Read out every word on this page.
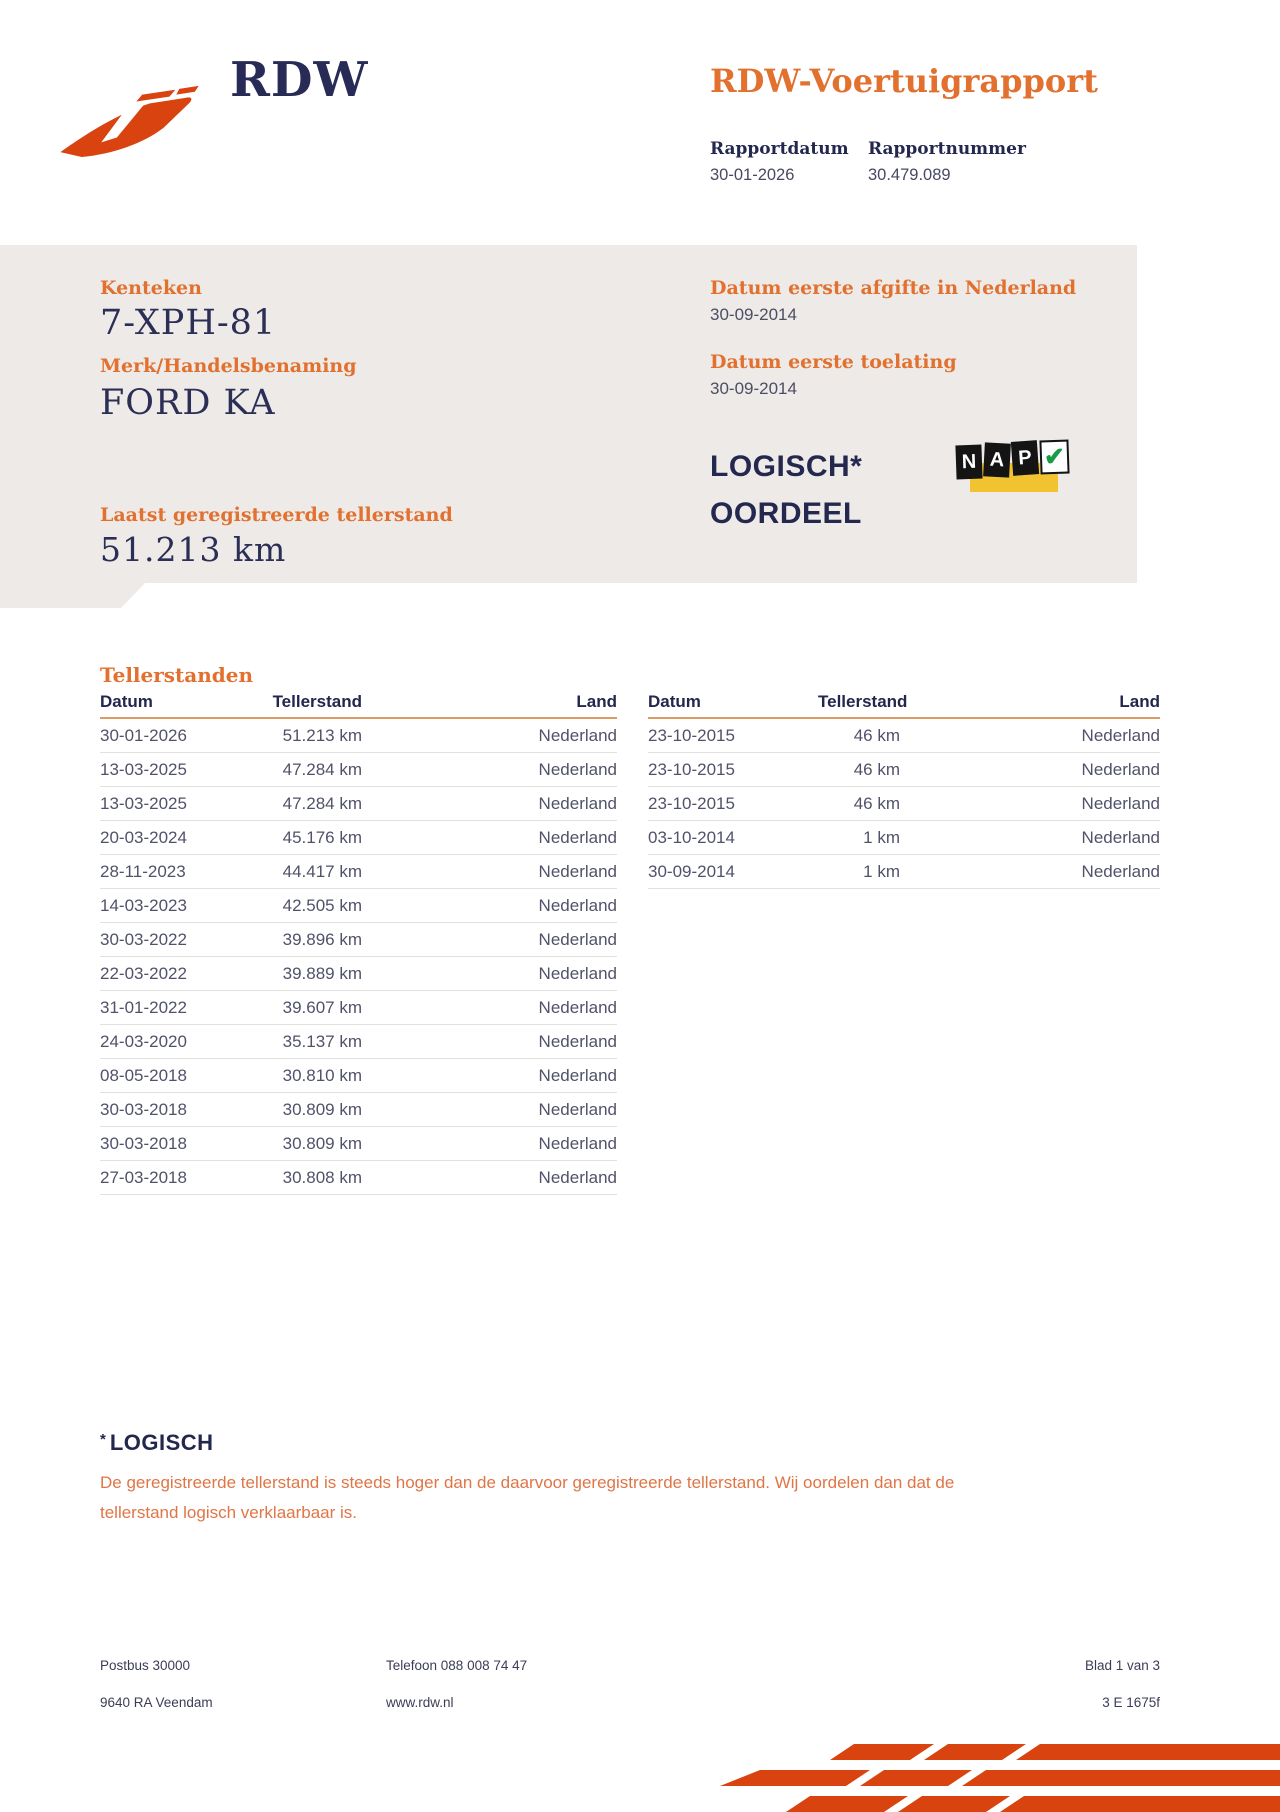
RDW	RDW-Voertuigrapport
Rapportdatum Rapportnummer
30-01-2026	30.479.089
Kenteken
7-XPH-81
Merk/Handelsbenaming
FORD KA
Datum eerste afgifte in Nederland
30-09-2014
Datum eerste toelating
30-09-2014
LOGISCH*
OORDEEL
N A P ✔
Laatst geregistreerde tellerstand
51.213 km
Tellerstanden
Datum	Tellerstand	Land
30-01-2026	51.213 km	Nederland
13-03-2025	47.284 km	Nederland
13-03-2025	47.284 km	Nederland
20-03-2024	45.176 km	Nederland
28-11-2023	44.417 km	Nederland
14-03-2023	42.505 km	Nederland
30-03-2022	39.896 km	Nederland
22-03-2022	39.889 km	Nederland
31-01-2022	39.607 km	Nederland
24-03-2020	35.137 km	Nederland
08-05-2018	30.810 km	Nederland
30-03-2018	30.809 km	Nederland
30-03-2018	30.809 km	Nederland
27-03-2018	30.808 km	Nederland
Datum	Tellerstand	Land
23-10-2015	46 km	Nederland
23-10-2015	46 km	Nederland
23-10-2015	46 km	Nederland
03-10-2014	1 km	Nederland
30-09-2014	1 km	Nederland
* LOGISCH
De geregistreerde tellerstand is steeds hoger dan de daarvoor geregistreerde tellerstand. Wij oordelen dan dat de
tellerstand logisch verklaarbaar is.
Postbus 30000
9640 RA Veendam
Telefoon 088 008 74 47
www.rdw.nl
Blad 1 van 3
3 E 1675f
